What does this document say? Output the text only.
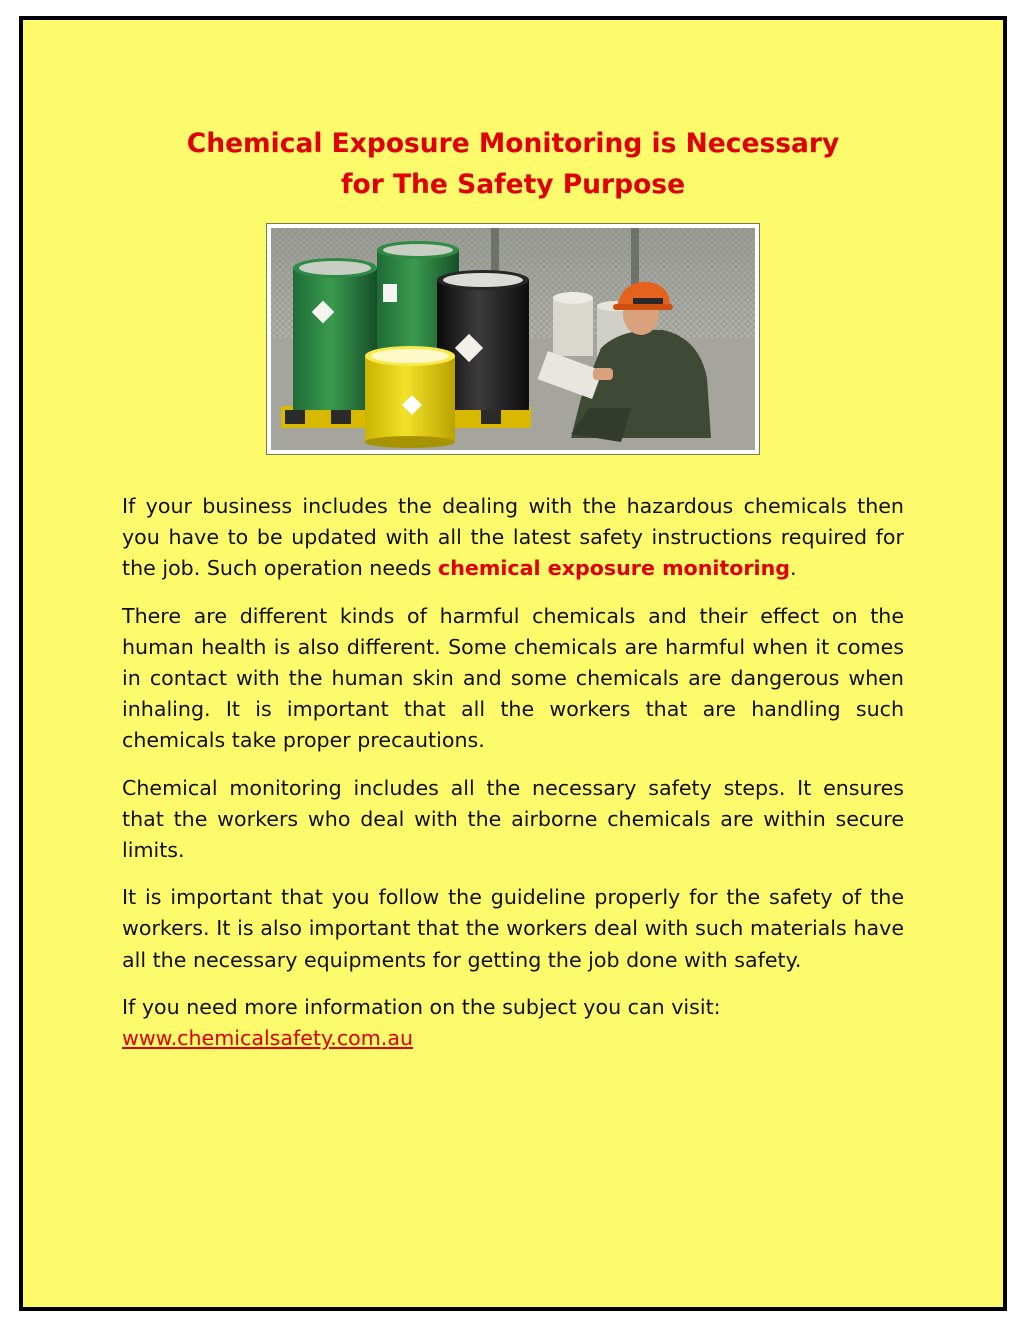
Chemical Exposure Monitoring is Necessary
for The Safety Purpose

If your business includes the dealing with the hazardous chemicals then you have to be updated with all the latest safety instructions required for the job. Such operation needs chemical exposure monitoring.

There are different kinds of harmful chemicals and their effect on the human health is also different. Some chemicals are harmful when it comes in contact with the human skin and some chemicals are dangerous when inhaling. It is important that all the workers that are handling such chemicals take proper precautions.

Chemical monitoring includes all the necessary safety steps. It ensures that the workers who deal with the airborne chemicals are within secure limits.

It is important that you follow the guideline properly for the safety of the workers. It is also important that the workers deal with such materials have all the necessary equipments for getting the job done with safety.

If you need more information on the subject you can visit:
www.chemicalsafety.com.au
